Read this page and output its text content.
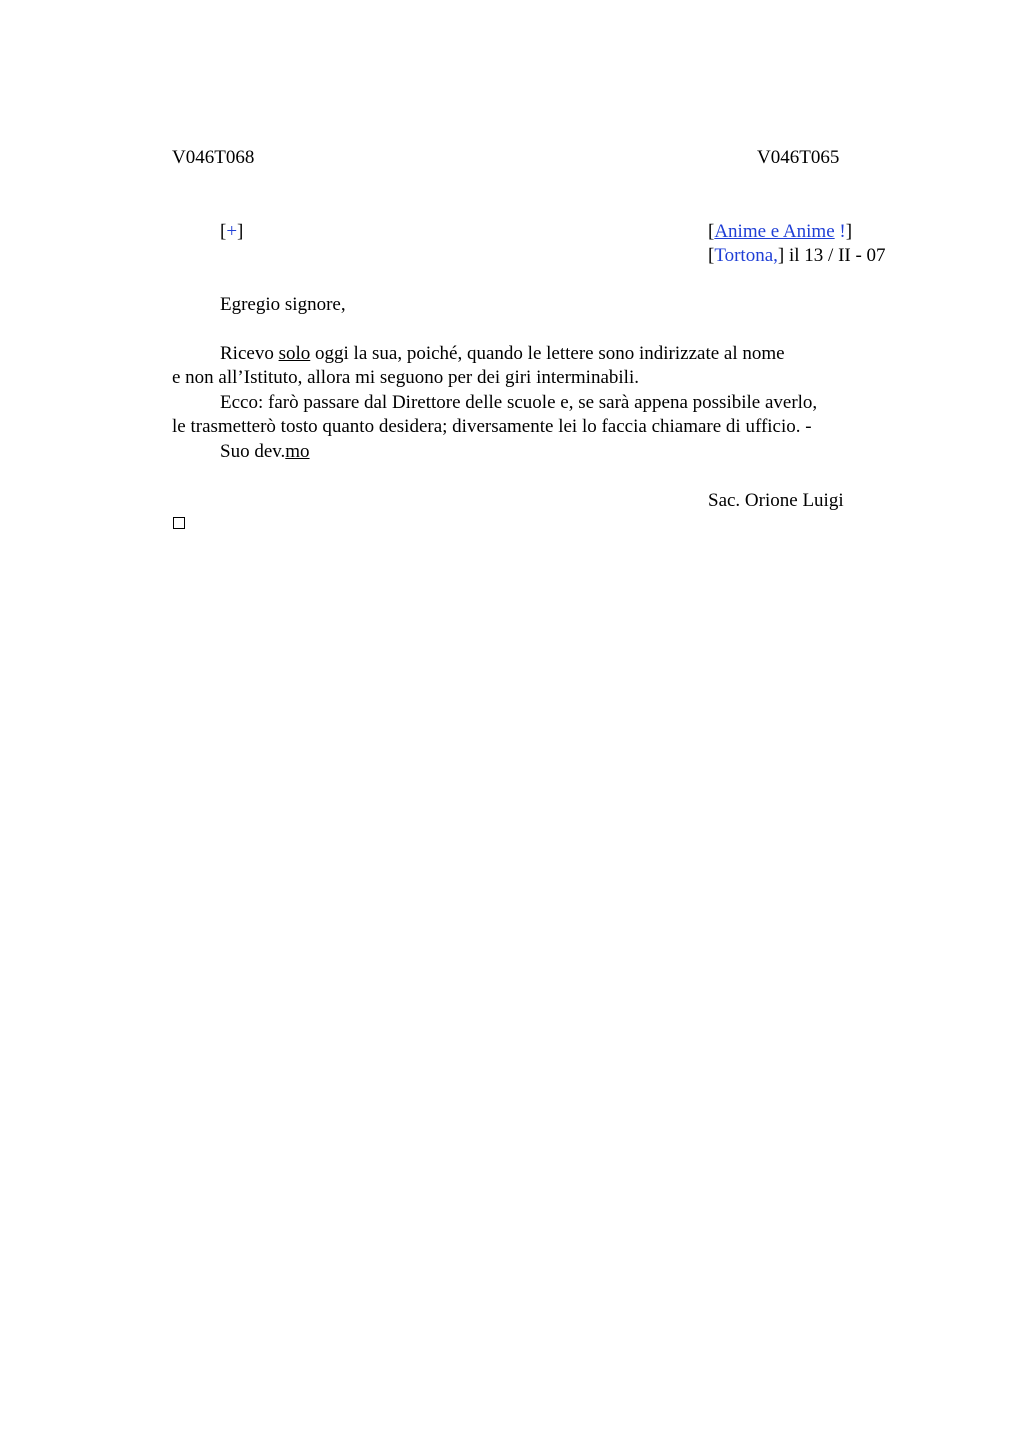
V046T068	V046T065
[+]	[Anime e Anime !]
[Tortona,] il 13 / II - 07
Egregio signore,
Ricevo solo oggi la sua, poiché, quando le lettere sono indirizzate al nome
e non all’Istituto, allora mi seguono per dei giri interminabili.
Ecco: farò passare dal Direttore delle scuole e, se sarà appena possibile averlo,
le trasmetterò tosto quanto desidera; diversamente lei lo faccia chiamare di ufficio. -
Suo dev.mo
Sac. Orione Luigi
